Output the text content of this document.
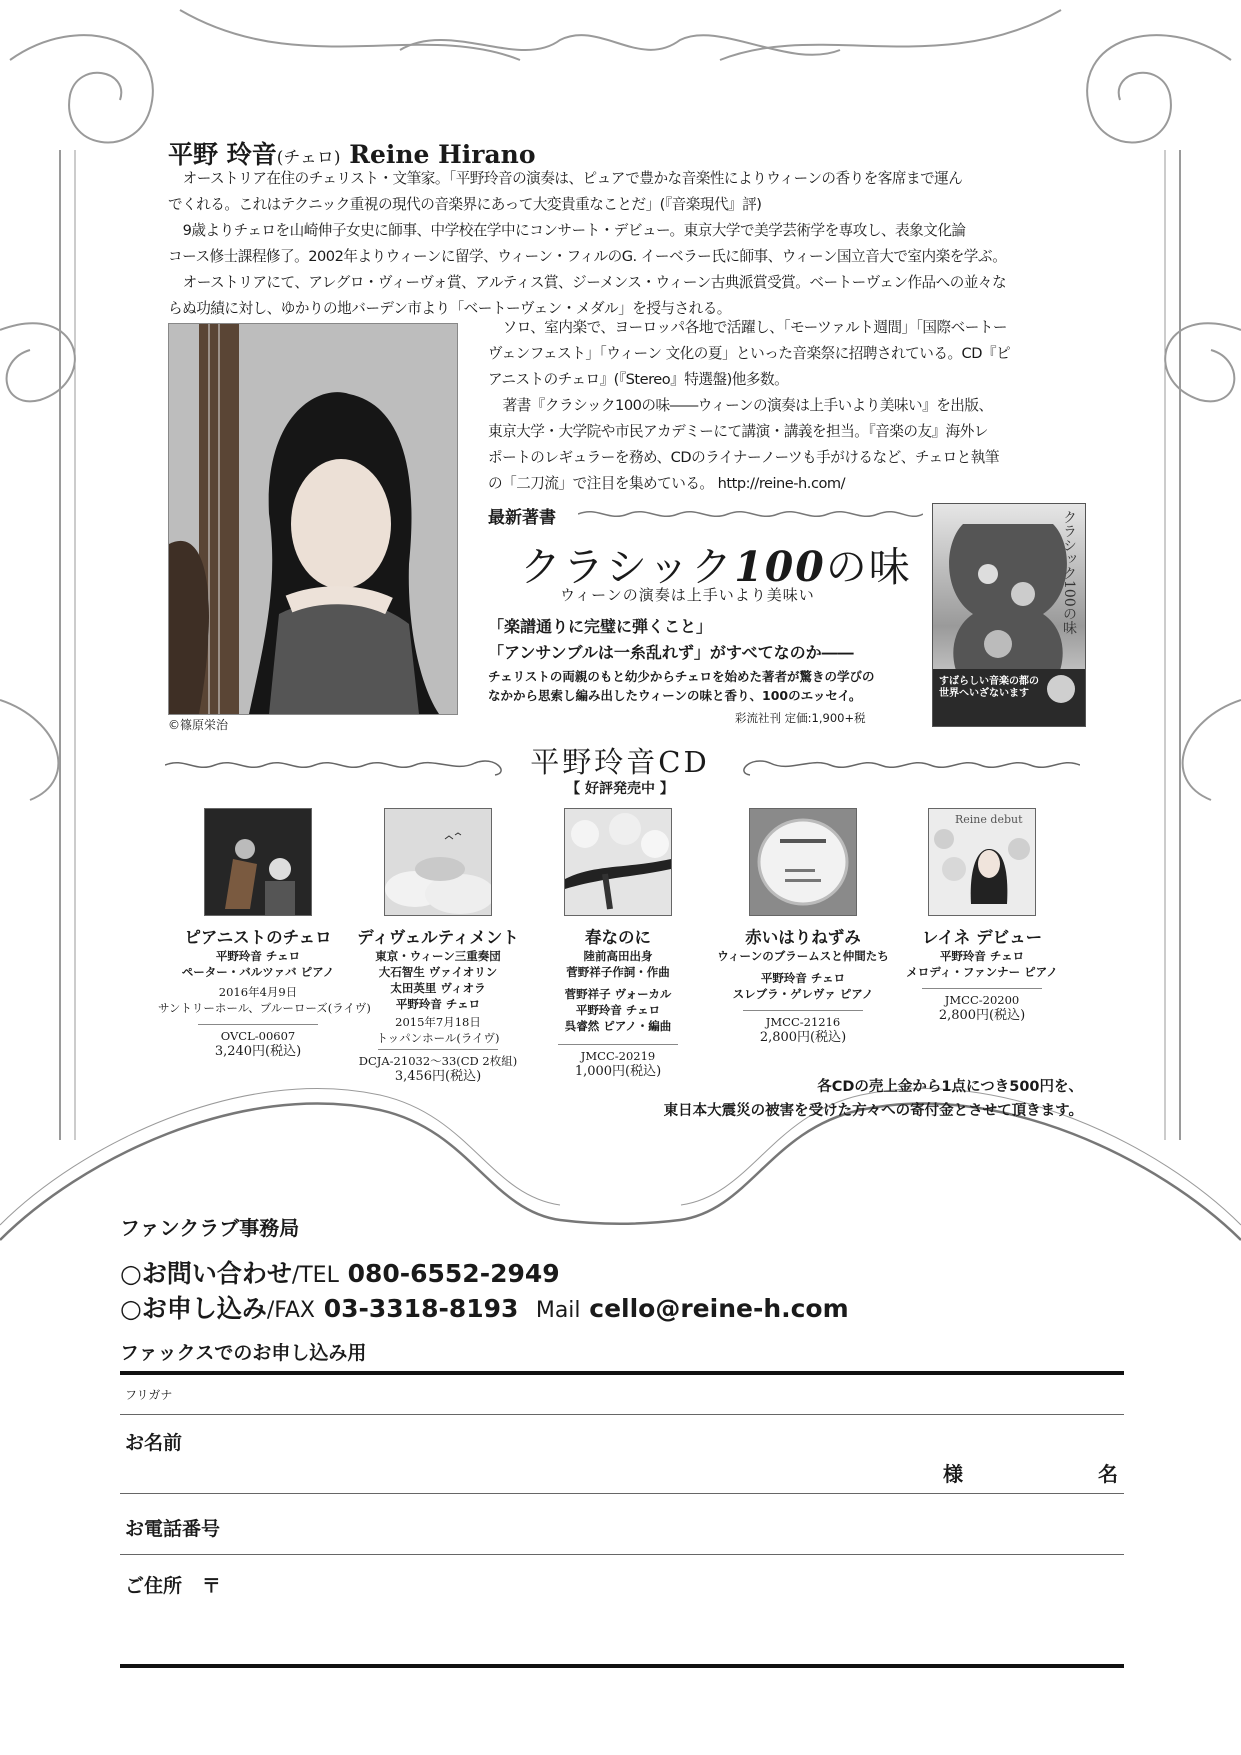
平野 玲音(チェロ) Reine Hirano

オーストリア在住のチェリスト・文筆家。「平野玲音の演奏は、ピュアで豊かな音楽性によりウィーンの香りを客席まで運ん

でくれる。これはテクニック重視の現代の音楽界にあって大変貴重なことだ」(『音楽現代』評)

9歳よりチェロを山崎伸子女史に師事、中学校在学中にコンサート・デビュー。東京大学で美学芸術学を専攻し、表象文化論

コース修士課程修了。2002年よりウィーンに留学、ウィーン・フィルのG. イーベラー氏に師事、ウィーン国立音大で室内楽を学ぶ。

オーストリアにて、アレグロ・ヴィーヴォ賞、アルティス賞、ジーメンス・ウィーン古典派賞受賞。ベートーヴェン作品への並々な

らぬ功績に対し、ゆかりの地バーデン市より「ベートーヴェン・メダル」を授与される。

©篠原栄治

ソロ、室内楽で、ヨーロッパ各地で活躍し、「モーツァルト週間」「国際ベートー

ヴェンフェスト」「ウィーン 文化の夏」といった音楽祭に招聘されている。CD『ピ

アニストのチェロ』(『Stereo』特選盤)他多数。

著書『クラシック100の味――ウィーンの演奏は上手いより美味い』を出版、

東京大学・大学院や市民アカデミーにて講演・講義を担当。『音楽の友』海外レ

ポートのレギュラーを務め、CDのライナーノーツも手がけるなど、チェロと執筆

の「二刀流」で注目を集めている。 http://reine-h.com/

最新著書
クラシック100の味
ウィーンの演奏は上手いより美味い
「楽譜通りに完璧に弾くこと」
「アンサンブルは一糸乱れず」がすべてなのか――
チェリストの両親のもと幼少からチェロを始めた著者が驚きの学びの
なかから思索し編み出したウィーンの味と香り、100のエッセイ。
彩流社刊 定価:1,900+税
クラシック100の味
すばらしい音楽の都の世界へいざないます
平野玲音CD
【 好評発売中 】
ピアニストのチェロ
平野玲音 チェロ
ペーター・バルツァバ ピアノ
2016年4月9日
サントリーホール、ブルーローズ(ライヴ)
OVCL-00607
3,240円(税込)
ディヴェルティメント
東京・ウィーン三重奏団
大石智生 ヴァイオリン
太田英里 ヴィオラ
平野玲音 チェロ
2015年7月18日
トッパンホール(ライヴ)
DCJA-21032〜33(CD 2枚組)
3,456円(税込)
春なのに
陸前高田出身
菅野祥子作詞・作曲
菅野祥子 ヴォーカル
平野玲音 チェロ
呉睿然 ピアノ・編曲
JMCC-20219
1,000円(税込)
赤いはりねずみ
ウィーンのブラームスと仲間たち
平野玲音 チェロ
スレブラ・ゲレヴァ ピアノ
JMCC-21216
2,800円(税込)
Reine debut
レイネ デビュー
平野玲音 チェロ
メロディ・ファンナー ピアノ
JMCC-20200
2,800円(税込)
各CDの売上金から1点につき500円を、
東日本大震災の被害を受けた方々への寄付金とさせて頂きます。
ファンクラブ事務局
○お問い合わせ/TEL 080-6552-2949
○お申し込み/FAX 03-3318-8193 Mail cello@reine-h.com
ファックスでのお申し込み用
フリガナ
お名前
様	名
お電話番号
ご住所 〒
